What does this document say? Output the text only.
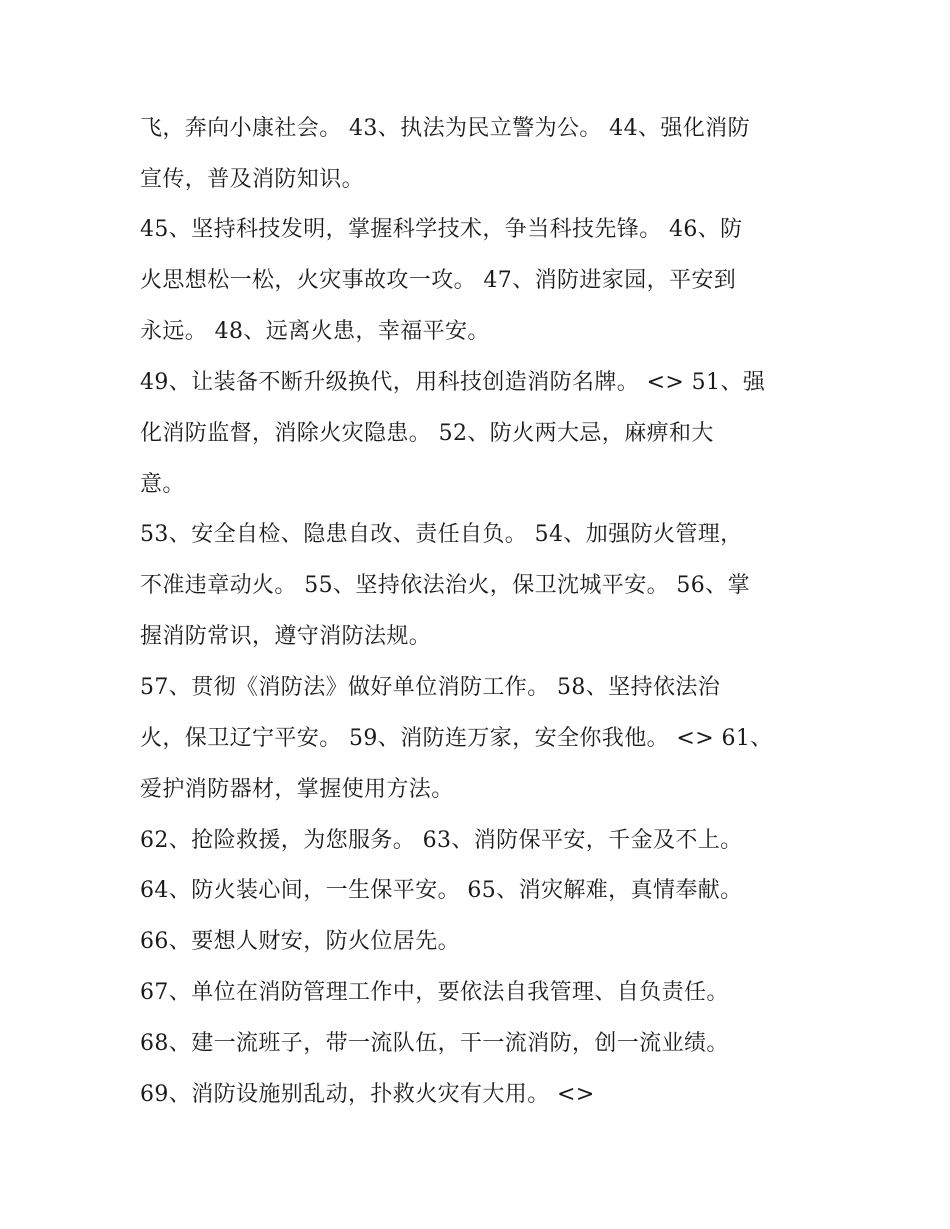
飞，奔向小康社会。 43、执法为民立警为公。 44、强化消防

宣传，普及消防知识。

45、坚持科技发明，掌握科学技术，争当科技先锋。 46、防

火思想松一松，火灾事故攻一攻。 47、消防进家园，平安到

永远。 48、远离火患，幸福平安。

49、让装备不断升级换代，用科技创造消防名牌。 <> 51、强

化消防监督，消除火灾隐患。 52、防火两大忌，麻痹和大

意。

53、安全自检、隐患自改、责任自负。 54、加强防火管理，

不准违章动火。 55、坚持依法治火，保卫沈城平安。 56、掌

握消防常识，遵守消防法规。

57、贯彻《消防法》做好单位消防工作。 58、坚持依法治

火，保卫辽宁平安。 59、消防连万家，安全你我他。 <> 61、

爱护消防器材，掌握使用方法。

62、抢险救援，为您服务。 63、消防保平安，千金及不上。

64、防火装心间，一生保平安。 65、消灾解难，真情奉献。

66、要想人财安，防火位居先。

67、单位在消防管理工作中，要依法自我管理、自负责任。

68、建一流班子，带一流队伍，干一流消防，创一流业绩。

69、消防设施别乱动，扑救火灾有大用。 <>
